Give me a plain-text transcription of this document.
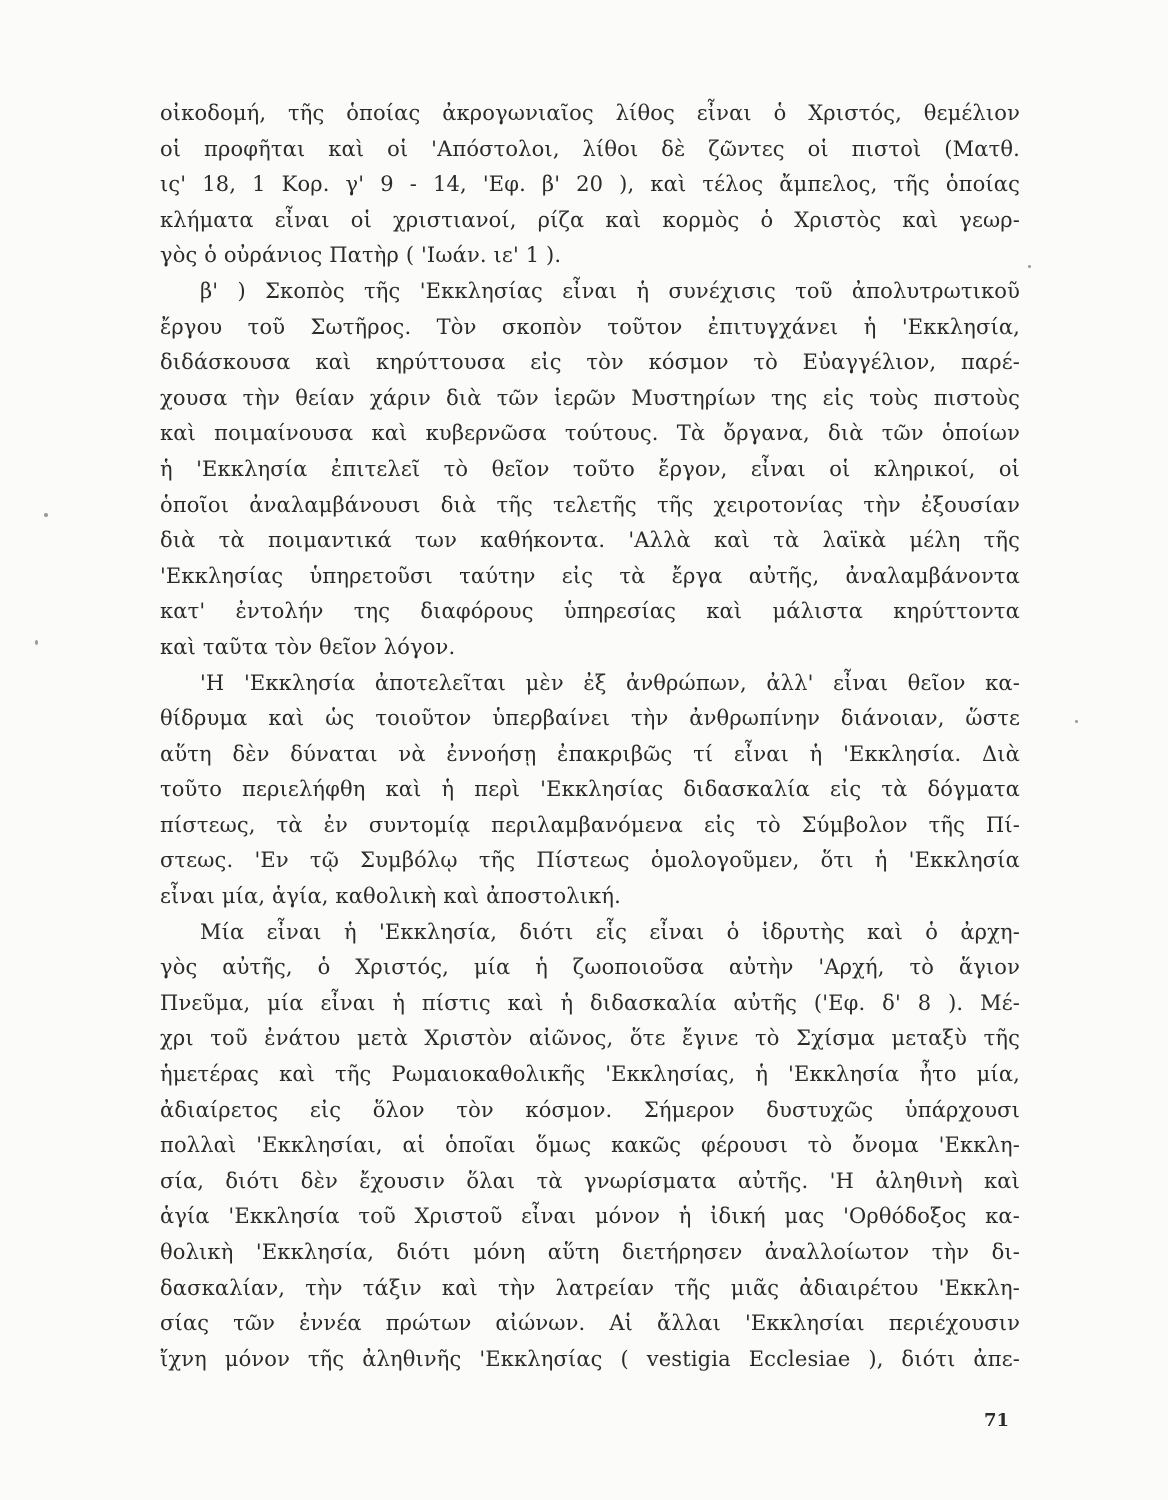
οἰκοδομή, τῆς ὁποίας ἀκρογωνιαῖος λίθος εἶναι ὁ Χριστός, θεμέλιον
οἱ προφῆται καὶ οἱ 'Απόστολοι, λίθοι δὲ ζῶντες οἱ πιστοὶ (Ματθ.
ις' 18, 1 Κορ. γ' 9 - 14, 'Εφ. β' 20 ), καὶ τέλος ἄμπελος, τῆς ὁποίας
κλήματα εἶναι οἱ χριστιανοί, ρίζα καὶ κορμὸς ὁ Χριστὸς καὶ γεωρ-
γὸς ὁ οὐράνιος Πατὴρ ( 'Ιωάν. ιε' 1 ).
β' ) Σκοπὸς τῆς 'Εκκλησίας εἶναι ἡ συνέχισις τοῦ ἀπολυτρωτικοῦ
ἔργου τοῦ Σωτῆρος. Τὸν σκοπὸν τοῦτον ἐπιτυγχάνει ἡ 'Εκκλησία,
διδάσκουσα καὶ κηρύττουσα εἰς τὸν κόσμον τὸ Εὐαγγέλιον, παρέ-
χουσα τὴν θείαν χάριν διὰ τῶν ἱερῶν Μυστηρίων της εἰς τοὺς πιστοὺς
καὶ ποιμαίνουσα καὶ κυβερνῶσα τούτους. Τὰ ὄργανα, διὰ τῶν ὁποίων
ἡ 'Εκκλησία ἐπιτελεῖ τὸ θεῖον τοῦτο ἔργον, εἶναι οἱ κληρικοί, οἱ
ὁποῖοι ἀναλαμβάνουσι διὰ τῆς τελετῆς τῆς χειροτονίας τὴν ἐξουσίαν
διὰ τὰ ποιμαντικά των καθήκοντα. 'Αλλὰ καὶ τὰ λαϊκὰ μέλη τῆς
'Εκκλησίας ὑπηρετοῦσι ταύτην εἰς τὰ ἔργα αὐτῆς, ἀναλαμβάνοντα
κατ' ἐντολήν της διαφόρους ὑπηρεσίας καὶ μάλιστα κηρύττοντα
καὶ ταῦτα τὸν θεῖον λόγον.
'Η 'Εκκλησία ἀποτελεῖται μὲν ἐξ ἀνθρώπων, ἀλλ' εἶναι θεῖον κα-
θίδρυμα καὶ ὡς τοιοῦτον ὑπερβαίνει τὴν ἀνθρωπίνην διάνοιαν, ὥστε
αὕτη δὲν δύναται νὰ ἐννοήσῃ ἐπακριβῶς τί εἶναι ἡ 'Εκκλησία. Διὰ
τοῦτο περιελήφθη καὶ ἡ περὶ 'Εκκλησίας διδασκαλία εἰς τὰ δόγματα
πίστεως, τὰ ἐν συντομίᾳ περιλαμβανόμενα εἰς τὸ Σύμβολον τῆς Πί-
στεως. 'Εν τῷ Συμβόλῳ τῆς Πίστεως ὁμολογοῦμεν, ὅτι ἡ 'Εκκλησία
εἶναι μία, ἁγία, καθολικὴ καὶ ἀποστολική.
Μία εἶναι ἡ 'Εκκλησία, διότι εἷς εἶναι ὁ ἱδρυτὴς καὶ ὁ ἀρχη-
γὸς αὐτῆς, ὁ Χριστός, μία ἡ ζωοποιοῦσα αὐτὴν 'Αρχή, τὸ ἅγιον
Πνεῦμα, μία εἶναι ἡ πίστις καὶ ἡ διδασκαλία αὐτῆς ('Εφ. δ' 8 ). Μέ-
χρι τοῦ ἐνάτου μετὰ Χριστὸν αἰῶνος, ὅτε ἔγινε τὸ Σχίσμα μεταξὺ τῆς
ἡμετέρας καὶ τῆς Ρωμαιοκαθολικῆς 'Εκκλησίας, ἡ 'Εκκλησία ἦτο μία,
ἀδιαίρετος εἰς ὅλον τὸν κόσμον. Σήμερον δυστυχῶς ὑπάρχουσι
πολλαὶ 'Εκκλησίαι, αἱ ὁποῖαι ὅμως κακῶς φέρουσι τὸ ὄνομα 'Εκκλη-
σία, διότι δὲν ἔχουσιν ὅλαι τὰ γνωρίσματα αὐτῆς. 'Η ἀληθινὴ καὶ
ἁγία 'Εκκλησία τοῦ Χριστοῦ εἶναι μόνον ἡ ἰδική μας 'Ορθόδοξος κα-
θολικὴ 'Εκκλησία, διότι μόνη αὕτη διετήρησεν ἀναλλοίωτον τὴν δι-
δασκαλίαν, τὴν τάξιν καὶ τὴν λατρείαν τῆς μιᾶς ἀδιαιρέτου 'Εκκλη-
σίας τῶν ἐννέα πρώτων αἰώνων. Αἱ ἄλλαι 'Εκκλησίαι περιέχουσιν
ἴχνη μόνον τῆς ἀληθινῆς 'Εκκλησίας ( vestigia Ecclesiae ), διότι ἀπε-
71
